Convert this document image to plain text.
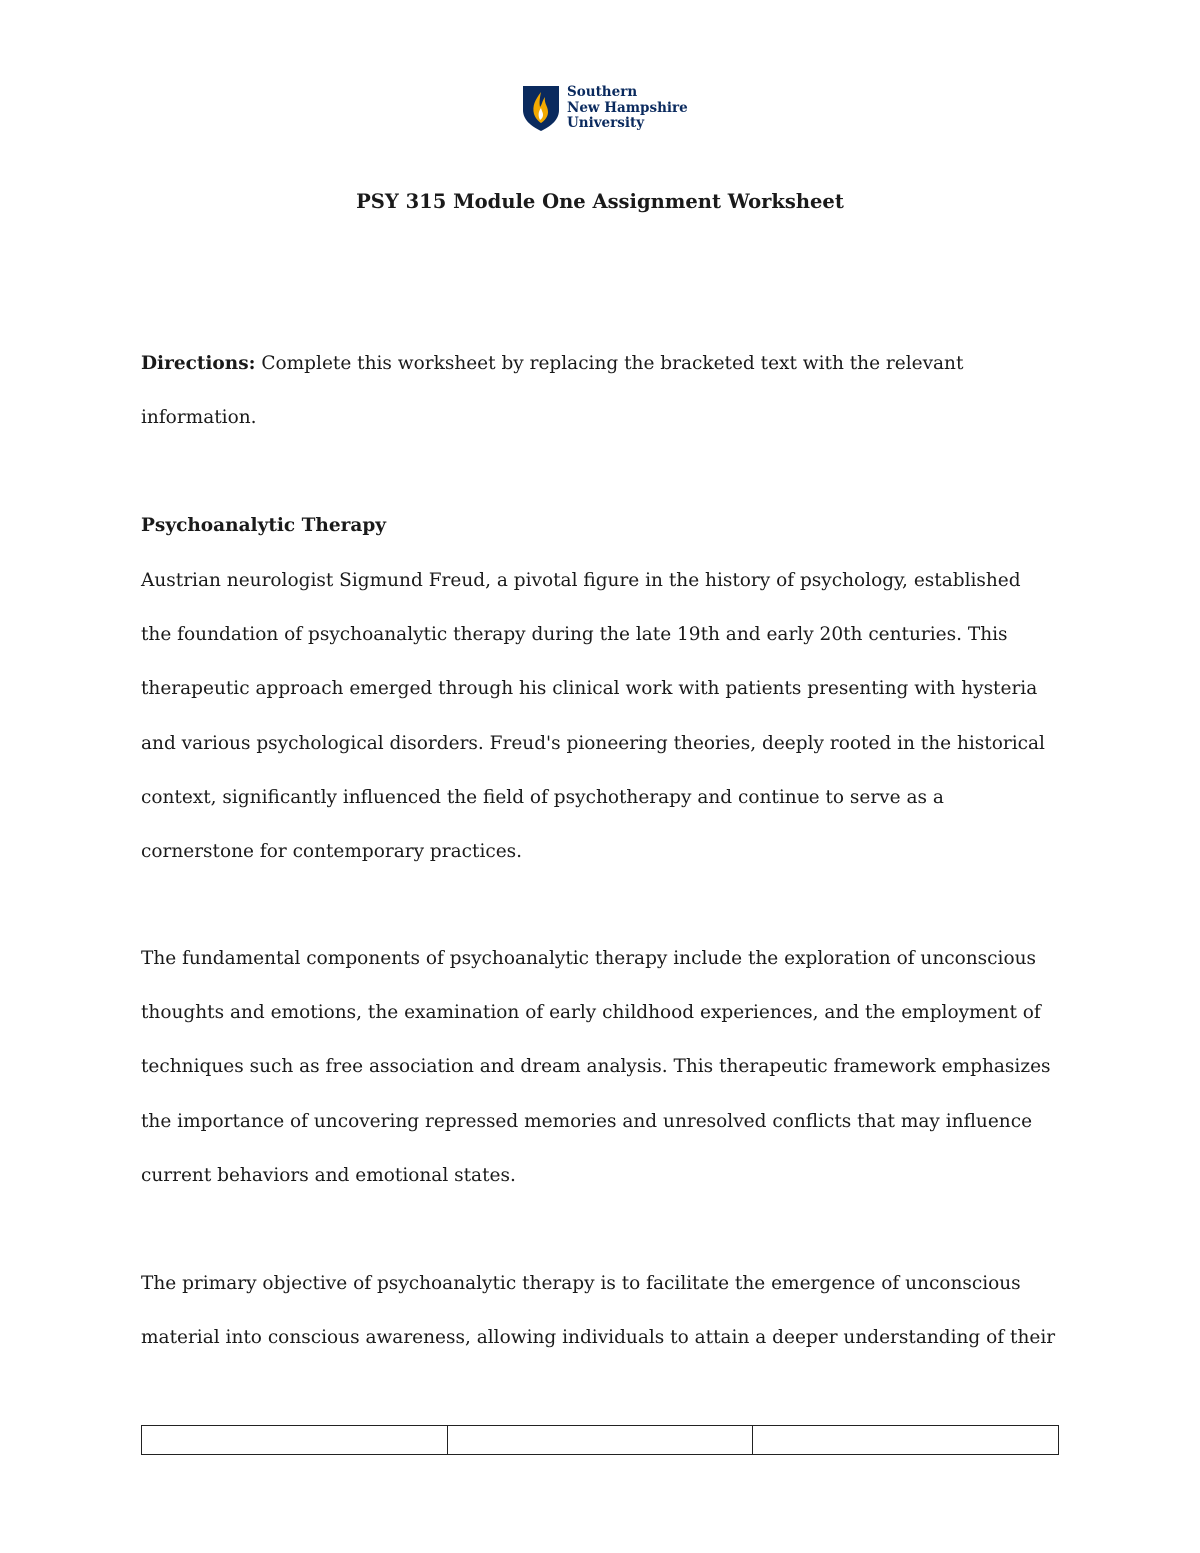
Southern
New Hampshire
University
PSY 315 Module One Assignment Worksheet
Directions: Complete this worksheet by replacing the bracketed text with the relevant
information.
Psychoanalytic Therapy
Austrian neurologist Sigmund Freud, a pivotal figure in the history of psychology, established
the foundation of psychoanalytic therapy during the late 19th and early 20th centuries. This
therapeutic approach emerged through his clinical work with patients presenting with hysteria
and various psychological disorders. Freud's pioneering theories, deeply rooted in the historical
context, significantly influenced the field of psychotherapy and continue to serve as a
cornerstone for contemporary practices.
The fundamental components of psychoanalytic therapy include the exploration of unconscious
thoughts and emotions, the examination of early childhood experiences, and the employment of
techniques such as free association and dream analysis. This therapeutic framework emphasizes
the importance of uncovering repressed memories and unresolved conflicts that may influence
current behaviors and emotional states.
The primary objective of psychoanalytic therapy is to facilitate the emergence of unconscious
material into conscious awareness, allowing individuals to attain a deeper understanding of their
